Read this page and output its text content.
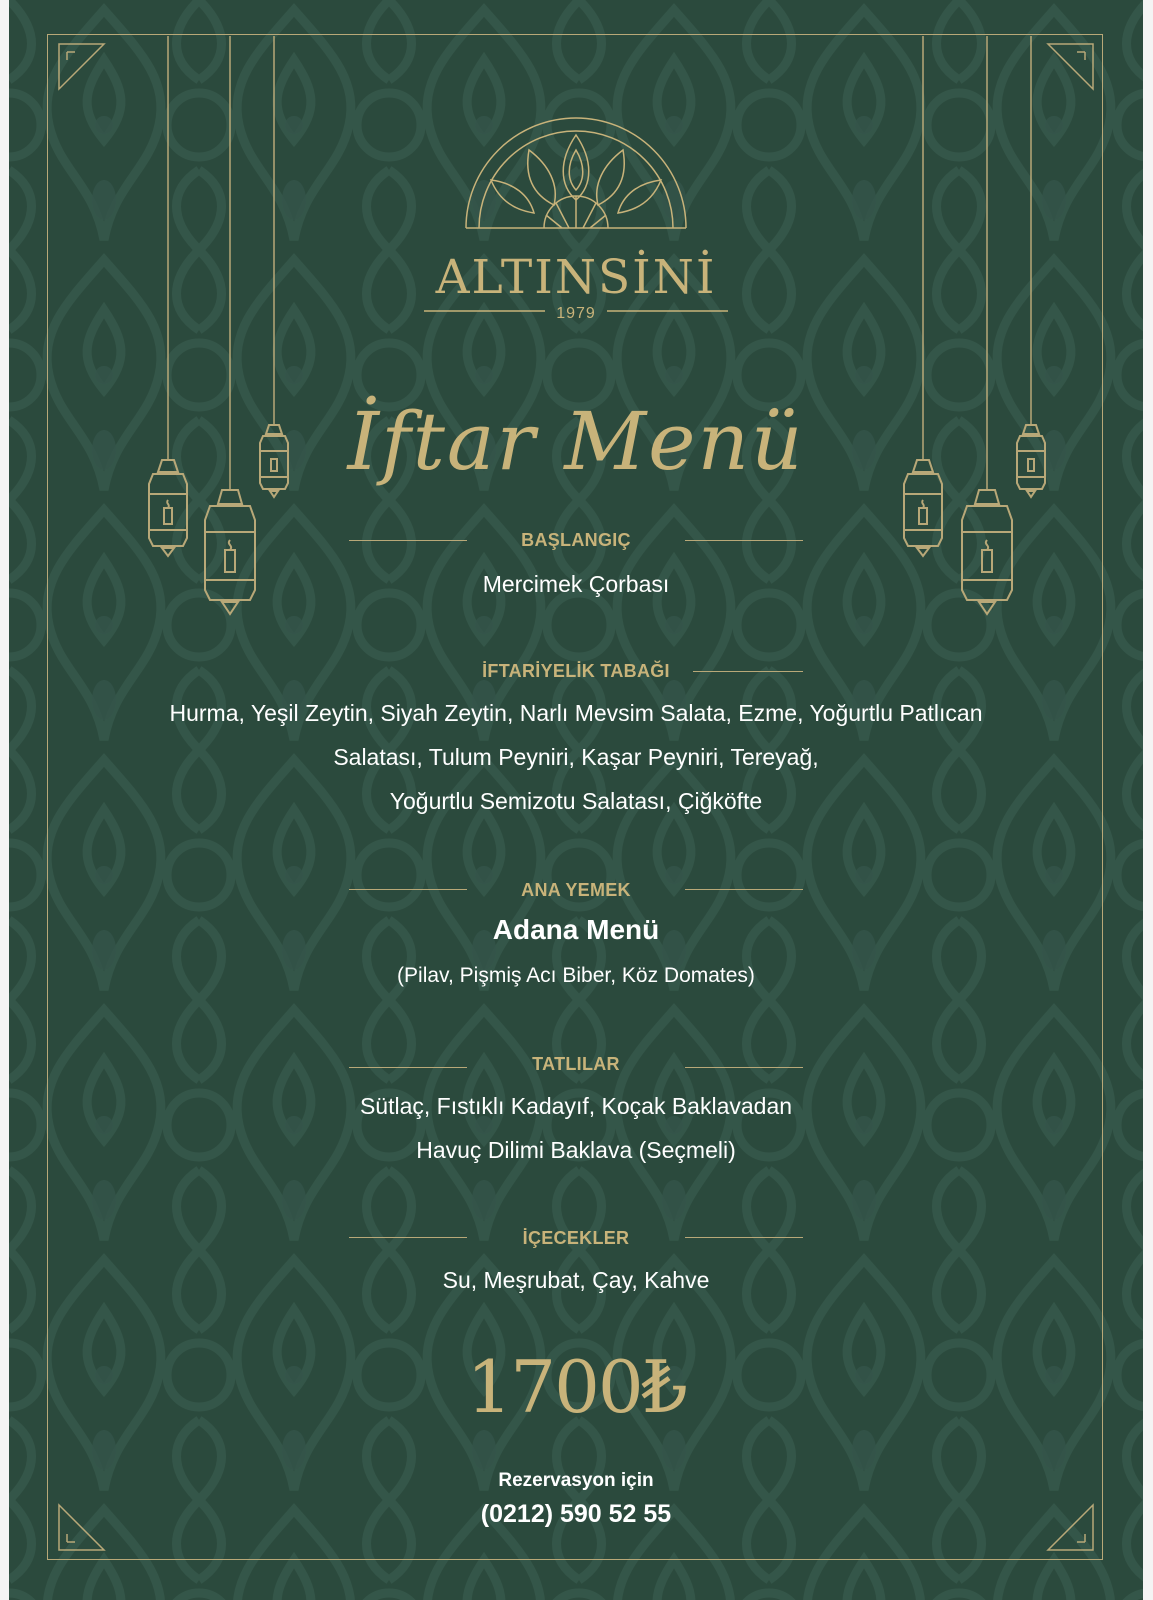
ALTINSİNİ
1979
İftar Menü
BAŞLANGIÇ
Mercimek Çorbası
İFTARİYELİK TABAĞI
Hurma, Yeşil Zeytin, Siyah Zeytin, Narlı Mevsim Salata, Ezme, Yoğurtlu Patlıcan
Salatası, Tulum Peyniri, Kaşar Peyniri, Tereyağ,
Yoğurtlu Semizotu Salatası, Çiğköfte
ANA YEMEK
Adana Menü
(Pilav, Pişmiş Acı Biber, Köz Domates)
TATLILAR
Sütlaç, Fıstıklı Kadayıf, Koçak Baklavadan
Havuç Dilimi Baklava (Seçmeli)
İÇECEKLER
Su, Meşrubat, Çay, Kahve
1700₺
Rezervasyon için
(0212) 590 52 55
